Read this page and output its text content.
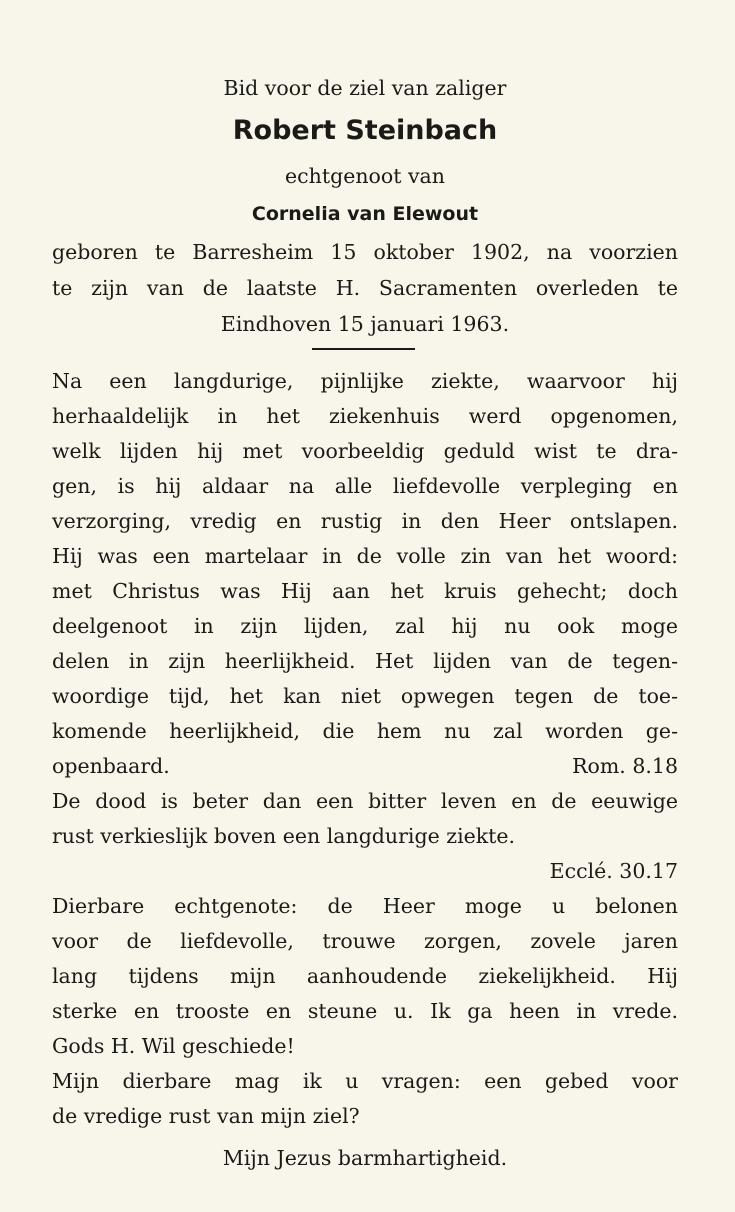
Bid voor de ziel van zaliger
Robert Steinbach
echtgenoot van
Cornelia van Elewout
geboren te Barresheim 15 oktober 1902, na voorzien
te zijn van de laatste H. Sacramenten overleden te
Eindhoven 15 januari 1963.
Na een langdurige, pijnlijke ziekte, waarvoor hij
herhaaldelijk in het ziekenhuis werd opgenomen,
welk lijden hij met voorbeeldig geduld wist te dra-
gen, is hij aldaar na alle liefdevolle verpleging en
verzorging, vredig en rustig in den Heer ontslapen.
Hij was een martelaar in de volle zin van het woord:
met Christus was Hij aan het kruis gehecht; doch
deelgenoot in zijn lijden, zal hij nu ook moge
delen in zijn heerlijkheid. Het lijden van de tegen-
woordige tijd, het kan niet opwegen tegen de toe-
komende heerlijkheid, die hem nu zal worden ge-
openbaard.	Rom. 8.18
De dood is beter dan een bitter leven en de eeuwige
rust verkieslijk boven een langdurige ziekte.
Ecclé. 30.17
Dierbare echtgenote: de Heer moge u belonen
voor de liefdevolle, trouwe zorgen, zovele jaren
lang tijdens mijn aanhoudende ziekelijkheid. Hij
sterke en trooste en steune u. Ik ga heen in vrede.
Gods H. Wil geschiede!
Mijn dierbare mag ik u vragen: een gebed voor
de vredige rust van mijn ziel?
Mijn Jezus barmhartigheid.
